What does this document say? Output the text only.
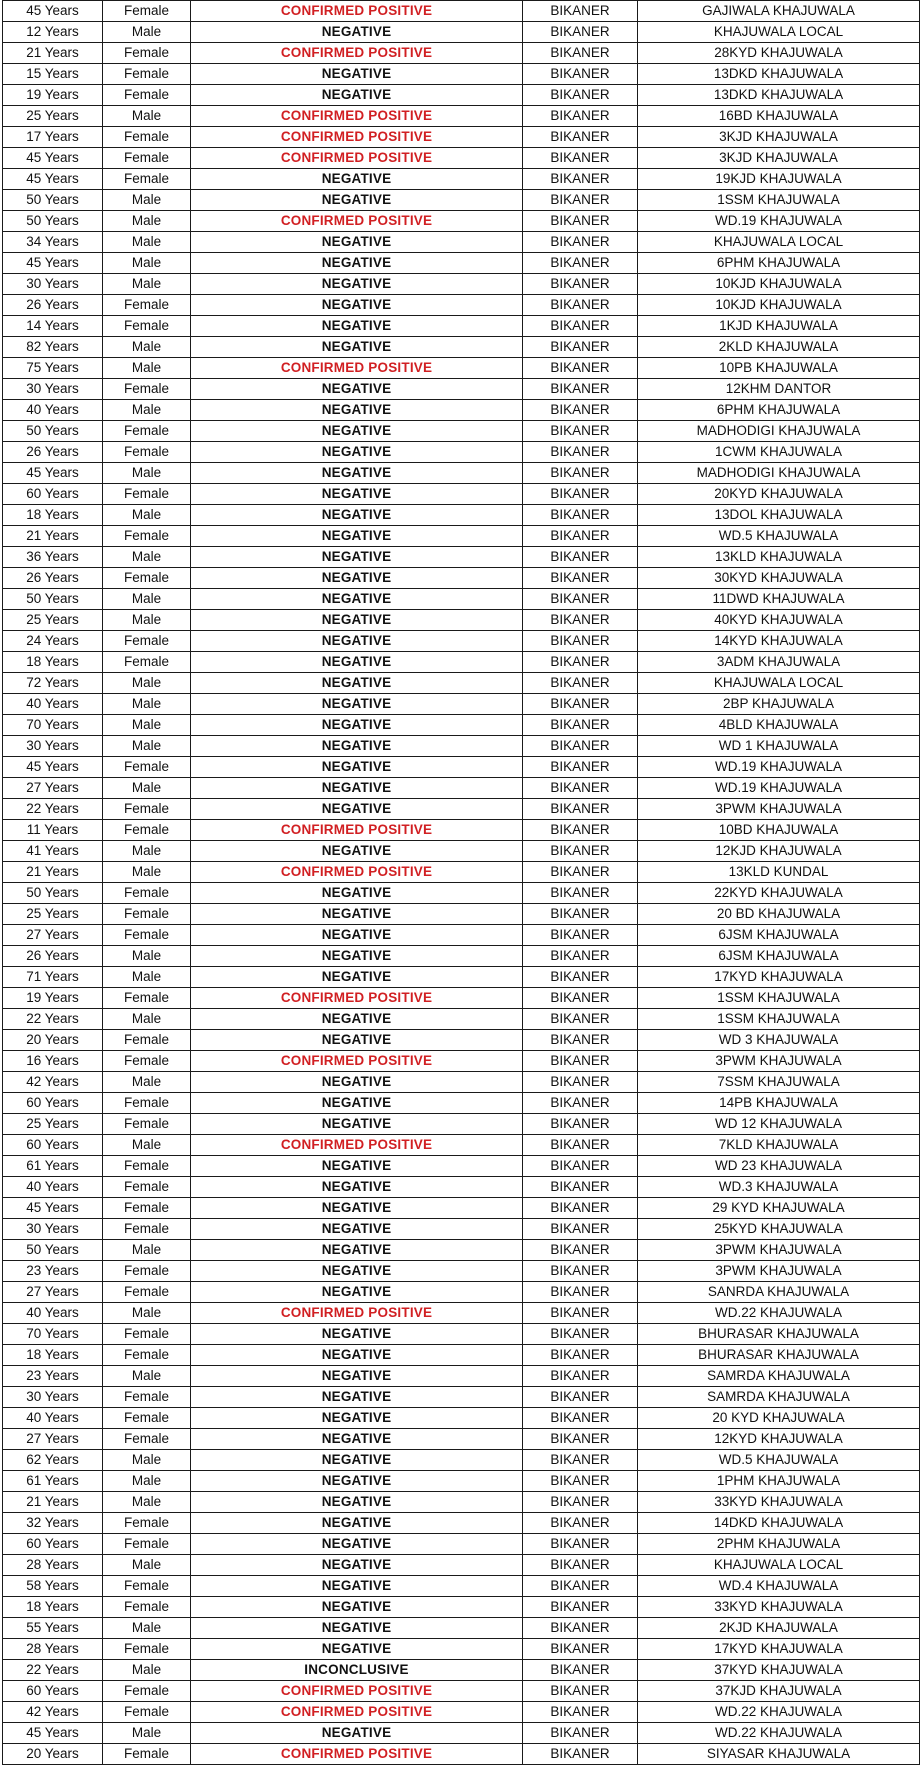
45 Years	Female	CONFIRMED POSITIVE	BIKANER	GAJIWALA KHAJUWALA
12 Years	Male	NEGATIVE	BIKANER	KHAJUWALA LOCAL
21 Years	Female	CONFIRMED POSITIVE	BIKANER	28KYD KHAJUWALA
15 Years	Female	NEGATIVE	BIKANER	13DKD KHAJUWALA
19 Years	Female	NEGATIVE	BIKANER	13DKD KHAJUWALA
25 Years	Male	CONFIRMED POSITIVE	BIKANER	16BD KHAJUWALA
17 Years	Female	CONFIRMED POSITIVE	BIKANER	3KJD KHAJUWALA
45 Years	Female	CONFIRMED POSITIVE	BIKANER	3KJD KHAJUWALA
45 Years	Female	NEGATIVE	BIKANER	19KJD KHAJUWALA
50 Years	Male	NEGATIVE	BIKANER	1SSM KHAJUWALA
50 Years	Male	CONFIRMED POSITIVE	BIKANER	WD.19 KHAJUWALA
34 Years	Male	NEGATIVE	BIKANER	KHAJUWALA LOCAL
45 Years	Male	NEGATIVE	BIKANER	6PHM KHAJUWALA
30 Years	Male	NEGATIVE	BIKANER	10KJD KHAJUWALA
26 Years	Female	NEGATIVE	BIKANER	10KJD KHAJUWALA
14 Years	Female	NEGATIVE	BIKANER	1KJD KHAJUWALA
82 Years	Male	NEGATIVE	BIKANER	2KLD KHAJUWALA
75 Years	Male	CONFIRMED POSITIVE	BIKANER	10PB KHAJUWALA
30 Years	Female	NEGATIVE	BIKANER	12KHM DANTOR
40 Years	Male	NEGATIVE	BIKANER	6PHM KHAJUWALA
50 Years	Female	NEGATIVE	BIKANER	MADHODIGI KHAJUWALA
26 Years	Female	NEGATIVE	BIKANER	1CWM KHAJUWALA
45 Years	Male	NEGATIVE	BIKANER	MADHODIGI KHAJUWALA
60 Years	Female	NEGATIVE	BIKANER	20KYD KHAJUWALA
18 Years	Male	NEGATIVE	BIKANER	13DOL KHAJUWALA
21 Years	Female	NEGATIVE	BIKANER	WD.5 KHAJUWALA
36 Years	Male	NEGATIVE	BIKANER	13KLD KHAJUWALA
26 Years	Female	NEGATIVE	BIKANER	30KYD KHAJUWALA
50 Years	Male	NEGATIVE	BIKANER	11DWD KHAJUWALA
25 Years	Male	NEGATIVE	BIKANER	40KYD KHAJUWALA
24 Years	Female	NEGATIVE	BIKANER	14KYD KHAJUWALA
18 Years	Female	NEGATIVE	BIKANER	3ADM KHAJUWALA
72 Years	Male	NEGATIVE	BIKANER	KHAJUWALA LOCAL
40 Years	Male	NEGATIVE	BIKANER	2BP KHAJUWALA
70 Years	Male	NEGATIVE	BIKANER	4BLD KHAJUWALA
30 Years	Male	NEGATIVE	BIKANER	WD 1 KHAJUWALA
45 Years	Female	NEGATIVE	BIKANER	WD.19 KHAJUWALA
27 Years	Male	NEGATIVE	BIKANER	WD.19 KHAJUWALA
22 Years	Female	NEGATIVE	BIKANER	3PWM KHAJUWALA
11 Years	Female	CONFIRMED POSITIVE	BIKANER	10BD KHAJUWALA
41 Years	Male	NEGATIVE	BIKANER	12KJD KHAJUWALA
21 Years	Male	CONFIRMED POSITIVE	BIKANER	13KLD KUNDAL
50 Years	Female	NEGATIVE	BIKANER	22KYD KHAJUWALA
25 Years	Female	NEGATIVE	BIKANER	20 BD KHAJUWALA
27 Years	Female	NEGATIVE	BIKANER	6JSM KHAJUWALA
26 Years	Male	NEGATIVE	BIKANER	6JSM KHAJUWALA
71 Years	Male	NEGATIVE	BIKANER	17KYD KHAJUWALA
19 Years	Female	CONFIRMED POSITIVE	BIKANER	1SSM KHAJUWALA
22 Years	Male	NEGATIVE	BIKANER	1SSM KHAJUWALA
20 Years	Female	NEGATIVE	BIKANER	WD 3 KHAJUWALA
16 Years	Female	CONFIRMED POSITIVE	BIKANER	3PWM KHAJUWALA
42 Years	Male	NEGATIVE	BIKANER	7SSM KHAJUWALA
60 Years	Female	NEGATIVE	BIKANER	14PB KHAJUWALA
25 Years	Female	NEGATIVE	BIKANER	WD 12 KHAJUWALA
60 Years	Male	CONFIRMED POSITIVE	BIKANER	7KLD KHAJUWALA
61 Years	Female	NEGATIVE	BIKANER	WD 23 KHAJUWALA
40 Years	Female	NEGATIVE	BIKANER	WD.3 KHAJUWALA
45 Years	Female	NEGATIVE	BIKANER	29 KYD KHAJUWALA
30 Years	Female	NEGATIVE	BIKANER	25KYD KHAJUWALA
50 Years	Male	NEGATIVE	BIKANER	3PWM KHAJUWALA
23 Years	Female	NEGATIVE	BIKANER	3PWM KHAJUWALA
27 Years	Female	NEGATIVE	BIKANER	SANRDA KHAJUWALA
40 Years	Male	CONFIRMED POSITIVE	BIKANER	WD.22 KHAJUWALA
70 Years	Female	NEGATIVE	BIKANER	BHURASAR KHAJUWALA
18 Years	Female	NEGATIVE	BIKANER	BHURASAR KHAJUWALA
23 Years	Male	NEGATIVE	BIKANER	SAMRDA KHAJUWALA
30 Years	Female	NEGATIVE	BIKANER	SAMRDA KHAJUWALA
40 Years	Female	NEGATIVE	BIKANER	20 KYD KHAJUWALA
27 Years	Female	NEGATIVE	BIKANER	12KYD KHAJUWALA
62 Years	Male	NEGATIVE	BIKANER	WD.5 KHAJUWALA
61 Years	Male	NEGATIVE	BIKANER	1PHM KHAJUWALA
21 Years	Male	NEGATIVE	BIKANER	33KYD KHAJUWALA
32 Years	Female	NEGATIVE	BIKANER	14DKD KHAJUWALA
60 Years	Female	NEGATIVE	BIKANER	2PHM KHAJUWALA
28 Years	Male	NEGATIVE	BIKANER	KHAJUWALA LOCAL
58 Years	Female	NEGATIVE	BIKANER	WD.4 KHAJUWALA
18 Years	Female	NEGATIVE	BIKANER	33KYD KHAJUWALA
55 Years	Male	NEGATIVE	BIKANER	2KJD KHAJUWALA
28 Years	Female	NEGATIVE	BIKANER	17KYD KHAJUWALA
22 Years	Male	INCONCLUSIVE	BIKANER	37KYD KHAJUWALA
60 Years	Female	CONFIRMED POSITIVE	BIKANER	37KJD KHAJUWALA
42 Years	Female	CONFIRMED POSITIVE	BIKANER	WD.22 KHAJUWALA
45 Years	Male	NEGATIVE	BIKANER	WD.22 KHAJUWALA
20 Years	Female	CONFIRMED POSITIVE	BIKANER	SIYASAR KHAJUWALA
